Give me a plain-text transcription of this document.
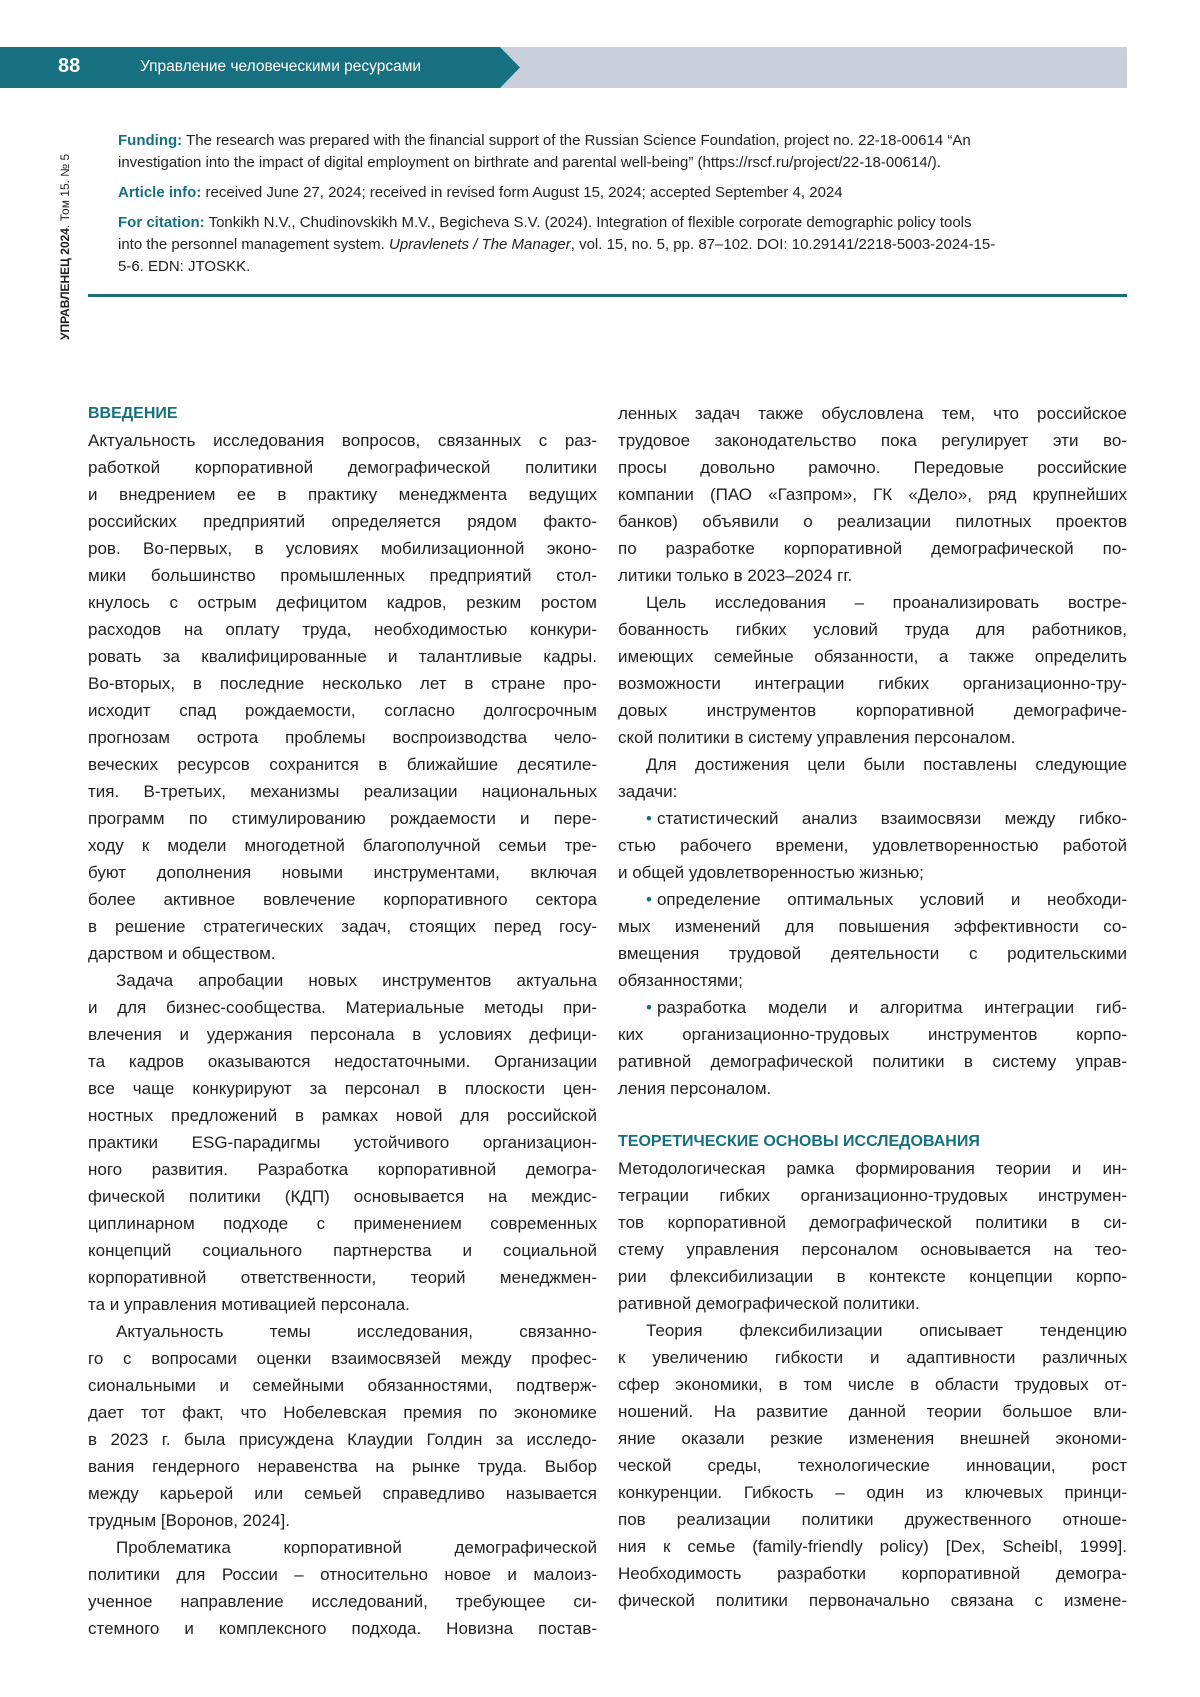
88	Управление человеческими ресурсами
УПРАВЛЕНЕЦ 2024. Том 15. № 5
Funding: The research was prepared with the financial support of the Russian Science Foundation, project no. 22-18-00614 “An
investigation into the impact of digital employment on birthrate and parental well-being” (https://rscf.ru/project/22-18-00614/).
Article info: received June 27, 2024; received in revised form August 15, 2024; accepted September 4, 2024
For citation: Tonkikh N.V., Chudinovskikh M.V., Begicheva S.V. (2024). Integration of flexible corporate demographic policy tools
into the personnel management system. Upravlenets / The Manager, vol. 15, no. 5, pp. 87–102. DOI: 10.29141/2218-5003-2024-15-
5-6. EDN: JTOSKK.
ВВЕДЕНИЕ
Актуальность исследования вопросов, связанных с раз-
работкой корпоративной демографической политики
и внедрением ее в практику менеджмента ведущих
российских предприятий определяется рядом факто-
ров. Во-первых, в условиях мобилизационной эконо-
мики большинство промышленных предприятий стол-
кнулось с острым дефицитом кадров, резким ростом
расходов на оплату труда, необходимостью конкури-
ровать за квалифицированные и талантливые кадры.
Во-вторых, в последние несколько лет в стране про-
исходит спад рождаемости, согласно долгосрочным
прогнозам острота проблемы воспроизводства чело-
веческих ресурсов сохранится в ближайшие десятиле-
тия. В-третьих, механизмы реализации национальных
программ по стимулированию рождаемости и пере-
ходу к модели многодетной благополучной семьи тре-
буют дополнения новыми инструментами, включая
более активное вовлечение корпоративного сектора
в решение стратегических задач, стоящих перед госу-
дарством и обществом.
Задача апробации новых инструментов актуальна
и для бизнес-сообщества. Материальные методы при-
влечения и удержания персонала в условиях дефици-
та кадров оказываются недостаточными. Организации
все чаще конкурируют за персонал в плоскости цен-
ностных предложений в рамках новой для российской
практики ESG-парадигмы устойчивого организацион-
ного развития. Разработка корпоративной демогра-
фической политики (КДП) основывается на междис-
циплинарном подходе с применением современных
концепций социального партнерства и социальной
корпоративной ответственности, теорий менеджмен-
та и управления мотивацией персонала.
Актуальность темы исследования, связанно-
го с вопросами оценки взаимосвязей между профес-
сиональными и семейными обязанностями, подтверж-
дает тот факт, что Нобелевская премия по экономике
в 2023 г. была присуждена Клаудии Голдин за исследо-
вания гендерного неравенства на рынке труда. Выбор
между карьерой или семьей справедливо называется
трудным [Воронов, 2024].
Проблематика корпоративной демографической
политики для России – относительно новое и малоиз-
ученное направление исследований, требующее си-
стемного и комплексного подхода. Новизна постав-
ленных задач также обусловлена тем, что российское
трудовое законодательство пока регулирует эти во-
просы довольно рамочно. Передовые российские
компании (ПАО «Газпром», ГК «Дело», ряд крупнейших
банков) объявили о реализации пилотных проектов
по разработке корпоративной демографической по-
литики только в 2023–2024 гг.
Цель исследования – проанализировать востре-
бованность гибких условий труда для работников,
имеющих семейные обязанности, а также определить
возможности интеграции гибких организационно-тру-
довых инструментов корпоративной демографиче-
ской политики в систему управления персоналом.
Для достижения цели были поставлены следующие
задачи:
• статистический анализ взаимосвязи между гибко-
стью рабочего времени, удовлетворенностью работой
и общей удовлетворенностью жизнью;
• определение оптимальных условий и необходи-
мых изменений для повышения эффективности со-
вмещения трудовой деятельности с родительскими
обязанностями;
• разработка модели и алгоритма интеграции гиб-
ких организационно-трудовых инструментов корпо-
ративной демографической политики в систему управ-
ления персоналом.
ТЕОРЕТИЧЕСКИЕ ОСНОВЫ ИССЛЕДОВАНИЯ
Методологическая рамка формирования теории и ин-
теграции гибких организационно-трудовых инструмен-
тов корпоративной демографической политики в си-
стему управления персоналом основывается на тео-
рии флексибилизации в контексте концепции корпо-
ративной демографической политики.
Теория флексибилизации описывает тенденцию
к увеличению гибкости и адаптивности различных
сфер экономики, в том числе в области трудовых от-
ношений. На развитие данной теории большое вли-
яние оказали резкие изменения внешней экономи-
ческой среды, технологические инновации, рост
конкуренции. Гибкость – один из ключевых принци-
пов реализации политики дружественного отноше-
ния к семье (family-friendly policy) [Dex, Scheibl, 1999].
Необходимость разработки корпоративной демогра-
фической политики первоначально связана с измене-
